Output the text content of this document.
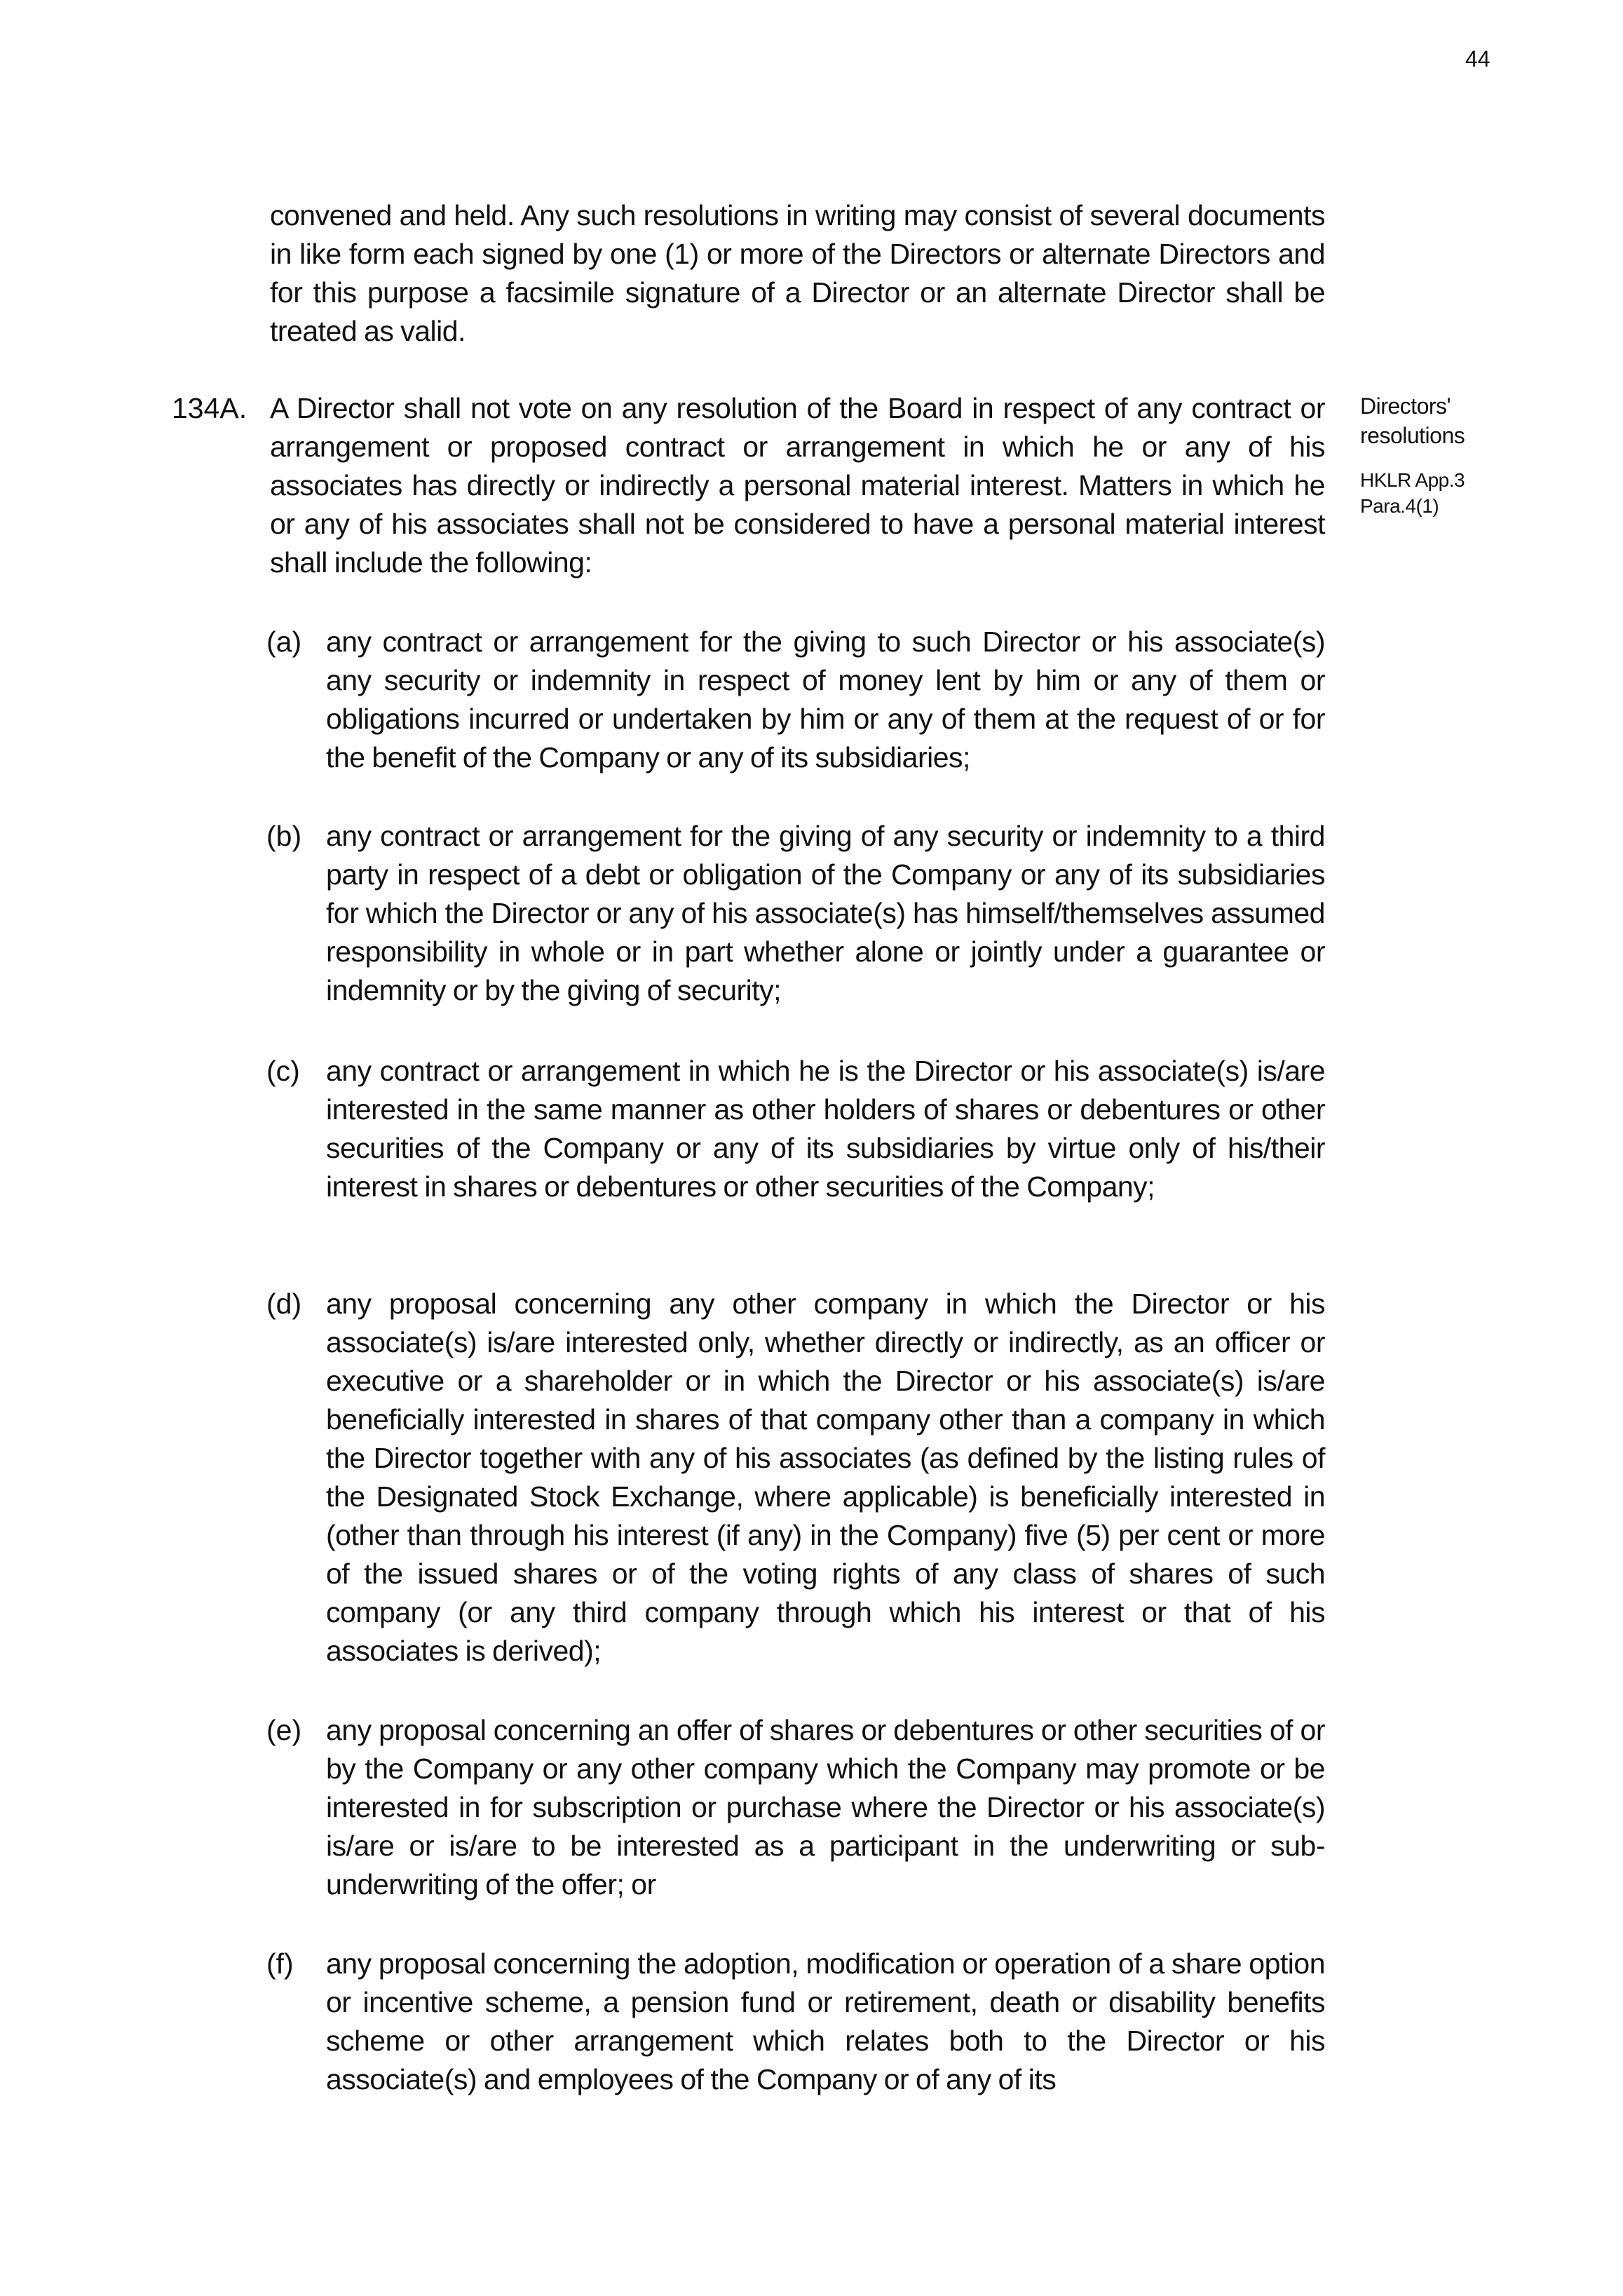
44

convened and held. Any such resolutions in writing may consist of several documents in like form each signed by one (1) or more of the Directors or alternate Directors and for this purpose a facsimile signature of a Director or an alternate Director shall be treated as valid.

134A. A Director shall not vote on any resolution of the Board in respect of any contract or arrangement or proposed contract or arrangement in which he or any of his associates has directly or indirectly a personal material interest. Matters in which he or any of his associates shall not be considered to have a personal material interest shall include the following:

Directors' resolutions

HKLR App.3
Para.4(1)

(a) any contract or arrangement for the giving to such Director or his associate(s) any security or indemnity in respect of money lent by him or any of them or obligations incurred or undertaken by him or any of them at the request of or for the benefit of the Company or any of its subsidiaries;

(b) any contract or arrangement for the giving of any security or indemnity to a third party in respect of a debt or obligation of the Company or any of its subsidiaries for which the Director or any of his associate(s) has himself/themselves assumed responsibility in whole or in part whether alone or jointly under a guarantee or indemnity or by the giving of security;

(c) any contract or arrangement in which he is the Director or his associate(s) is/are interested in the same manner as other holders of shares or debentures or other securities of the Company or any of its subsidiaries by virtue only of his/their interest in shares or debentures or other securities of the Company;

(d) any proposal concerning any other company in which the Director or his associate(s) is/are interested only, whether directly or indirectly, as an officer or executive or a shareholder or in which the Director or his associate(s) is/are beneficially interested in shares of that company other than a company in which the Director together with any of his associates (as defined by the listing rules of the Designated Stock Exchange, where applicable) is beneficially interested in (other than through his interest (if any) in the Company) five (5) per cent or more of the issued shares or of the voting rights of any class of shares of such company (or any third company through which his interest or that of his associates is derived);

(e) any proposal concerning an offer of shares or debentures or other securities of or by the Company or any other company which the Company may promote or be interested in for subscription or purchase where the Director or his associate(s) is/are or is/are to be interested as a participant in the underwriting or sub-underwriting of the offer; or

(f) any proposal concerning the adoption, modification or operation of a share option or incentive scheme, a pension fund or retirement, death or disability benefits scheme or other arrangement which relates both to the Director or his associate(s) and employees of the Company or of any of its
